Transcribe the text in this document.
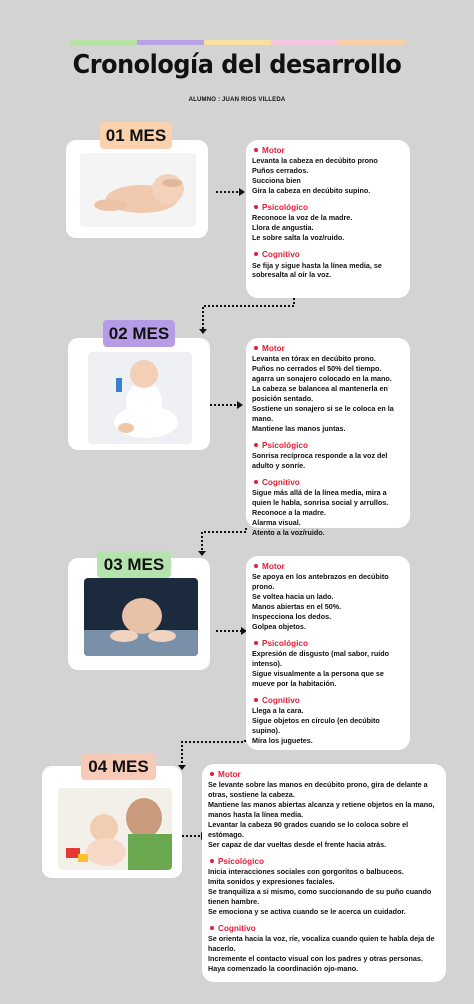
Cronología del desarrollo
ALUMNO : JUAN RIOS VILLEDA
01 MES
Motor
Levanta la cabeza en decúbito prono
Puños cerrados.
Succiona bien
Gira la cabeza en decúbito supino.
Psicológico
Reconoce la voz de la madre.
Llora de angustia.
Le sobre salta la voz/ruido.
Cognitivo
Se fija y sigue hasta la línea media, se
sobresalta al oír la voz.
02 MES
Motor
Levanta en tórax en decúbito prono.
Puños no cerrados el 50% del tiempo.
agarra un sonajero colocado en la mano.
La cabeza se balancea al mantenerla en
posición sentado.
Sostiene un sonajero si se le coloca en la
mano.
Mantiene las manos juntas.
Psicológico
Sonrisa recíproca responde a la voz del
adulto y sonríe.
Cognitivo
Sigue más allá de la línea media, mira a
quien le habla, sonrisa social y arrullos.
Reconoce a la madre.
Alarma visual.
Atento a la voz/ruido.
03 MES	Motor
Se apoya en los antebrazos en decúbito
prono.
Se voltea hacia un lado.
Manos abiertas en el 50%.
Inspecciona los dedos.
Golpea objetos.
Psicológico
Expresión de disgusto (mal sabor, ruido
intenso).
Sigue visualmente a la persona que se
mueve por la habitación.
Cognitivo
Llega a la cara.
Sigue objetos en círculo (en decúbito
supino).
Mira los juguetes.
04 MES	Motor
Se levante sobre las manos en decúbito prono, gira de delante a
otras, sostiene la cabeza.
Mantiene las manos abiertas alcanza y retiene objetos en la mano,
manos hasta la línea media.
Levantar la cabeza 90 grados cuando se lo coloca sobre el
estómago.
Ser capaz de dar vueltas desde el frente hacia atrás.
Psicológico
Inicia interacciones sociales con gorgoritos o balbuceos.
Imita sonidos y expresiones faciales.
Se tranquiliza a si mismo, como succionando de su puño cuando
tienen hambre.
Se emociona y se activa cuando se le acerca un cuidador.
Cognitivo
Se orienta hacia la voz, ríe, vocaliza cuando quien te habla deja de
hacerlo.
Incremente el contacto visual con los padres y otras personas.
Haya comenzado la coordinación ojo-mano.
